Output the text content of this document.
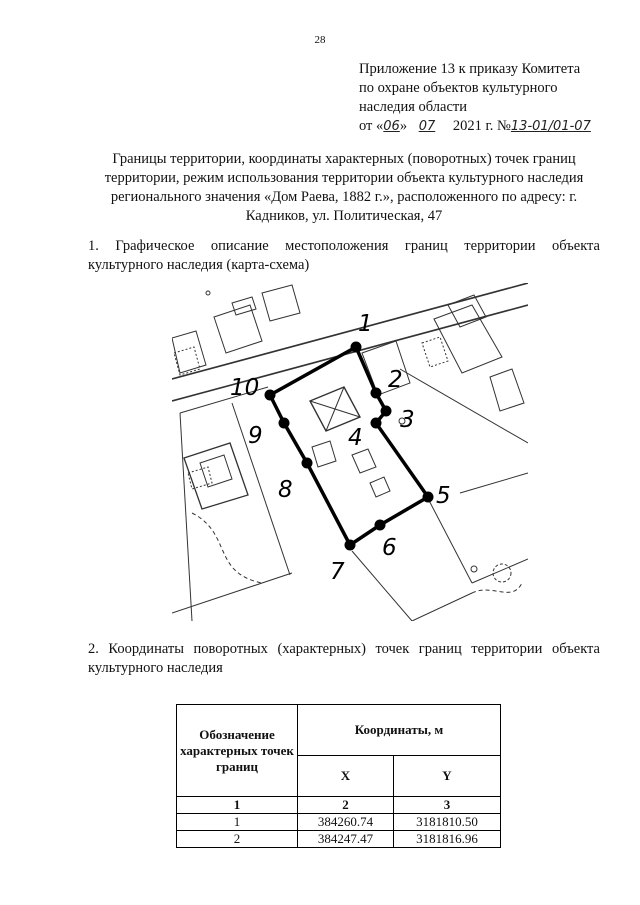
28
Приложение 13 к приказу Комитета
по охране объектов культурного
наследия области
от «06» 07 2021 г. №13-01/01-07
Границы территории, координаты характерных (поворотных) точек границ территории, режим использования территории объекта культурного наследия регионального значения «Дом Раева, 1882 г.», расположенного по адресу: г. Кадников, ул. Политическая, 47
1. Графическое описание местоположения границ территории объекта культурного наследия (карта-схема)
1
2
3
4
5
6
7
8
9
10
2. Координаты поворотных (характерных) точек границ территории объекта культурного наследия
Обозначение характерных точек границ	Координаты, м	
	X	Y
1	2	3
1	384260.74	3181810.50
2	384247.47	3181816.96
